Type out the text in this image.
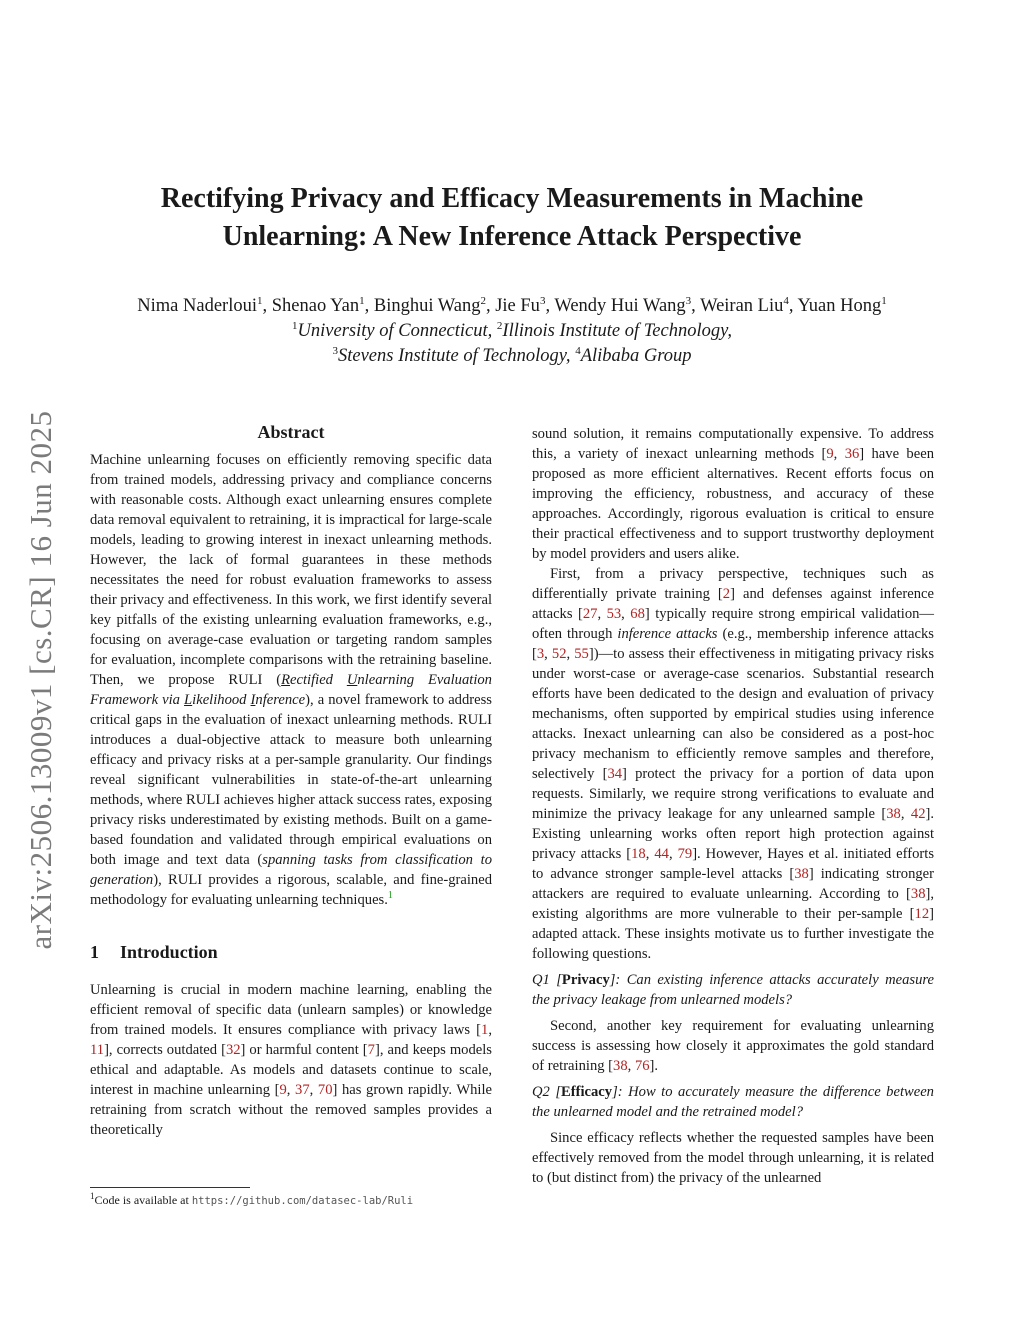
arXiv:2506.13009v1 [cs.CR] 16 Jun 2025
Rectifying Privacy and Efficacy Measurements in Machine
Unlearning: A New Inference Attack Perspective
Nima Naderloui$^1$, Shenao Yan$^1$, Binghui Wang$^2$, Jie Fu$^3$, Wendy Hui Wang$^3$, Weiran Liu$^4$, Yuan Hong$^1$
$^1$University of Connecticut, $^2$Illinois Institute of Technology,
$^3$Stevens Institute of Technology, $^4$Alibaba Group
Abstract

Machine unlearning focuses on efficiently removing specific data from trained models, addressing privacy and compliance concerns with reasonable costs. Although exact unlearning ensures complete data removal equivalent to retraining, it is impractical for large-scale models, leading to growing interest in inexact unlearning methods. However, the lack of formal guarantees in these methods necessitates the need for robust evaluation frameworks to assess their privacy and effectiveness. In this work, we first identify several key pitfalls of the existing unlearning evaluation frameworks, e.g., focusing on average-case evaluation or targeting random samples for evaluation, incomplete comparisons with the retraining baseline. Then, we propose RULI (Rectified Unlearning Evaluation Framework via Likelihood Inference), a novel framework to address critical gaps in the evaluation of inexact unlearning methods. RULI introduces a dual-objective attack to measure both unlearning efficacy and privacy risks at a per-sample granularity. Our findings reveal significant vulnerabilities in state-of-the-art unlearning methods, where RULI achieves higher attack success rates, exposing privacy risks underestimated by existing methods. Built on a game-based foundation and validated through empirical evaluations on both image and text data (spanning tasks from classification to generation), RULI provides a rigorous, scalable, and fine-grained methodology for evaluating unlearning techniques.$^1$

1 Introduction

Unlearning is crucial in modern machine learning, enabling the efficient removal of specific data (unlearn samples) or knowledge from trained models. It ensures compliance with privacy laws [1, 11], corrects outdated [32] or harmful content [7], and keeps models ethical and adaptable. As models and datasets continue to scale, interest in machine unlearning [9, 37, 70] has grown rapidly. While retraining from scratch without the removed samples provides a theoretically

$^1$Code is available at https://github.com/datasec-lab/Ruli

sound solution, it remains computationally expensive. To address this, a variety of inexact unlearning methods [9, 36] have been proposed as more efficient alternatives. Recent efforts focus on improving the efficiency, robustness, and accuracy of these approaches. Accordingly, rigorous evaluation is critical to ensure their practical effectiveness and to support trustworthy deployment by model providers and users alike.

First, from a privacy perspective, techniques such as differentially private training [2] and defenses against inference attacks [27, 53, 68] typically require strong empirical validation—often through inference attacks (e.g., membership inference attacks [3, 52, 55])—to assess their effectiveness in mitigating privacy risks under worst-case or average-case scenarios. Substantial research efforts have been dedicated to the design and evaluation of privacy mechanisms, often supported by empirical studies using inference attacks. Inexact unlearning can also be considered as a post-hoc privacy mechanism to efficiently remove samples and therefore, selectively [34] protect the privacy for a portion of data upon requests. Similarly, we require strong verifications to evaluate and minimize the privacy leakage for any unlearned sample [38, 42]. Existing unlearning works often report high protection against privacy attacks [18, 44, 79]. However, Hayes et al. initiated efforts to advance stronger sample-level attacks [38] indicating stronger attackers are required to evaluate unlearning. According to [38], existing algorithms are more vulnerable to their per-sample [12] adapted attack. These insights motivate us to further investigate the following questions.

Q1 [Privacy]: Can existing inference attacks accurately measure the privacy leakage from unlearned models?

Second, another key requirement for evaluating unlearning success is assessing how closely it approximates the gold standard of retraining [38, 76].

Q2 [Efficacy]: How to accurately measure the difference between the unlearned model and the retrained model?

Since efficacy reflects whether the requested samples have been effectively removed from the model through unlearning, it is related to (but distinct from) the privacy of the unlearned
